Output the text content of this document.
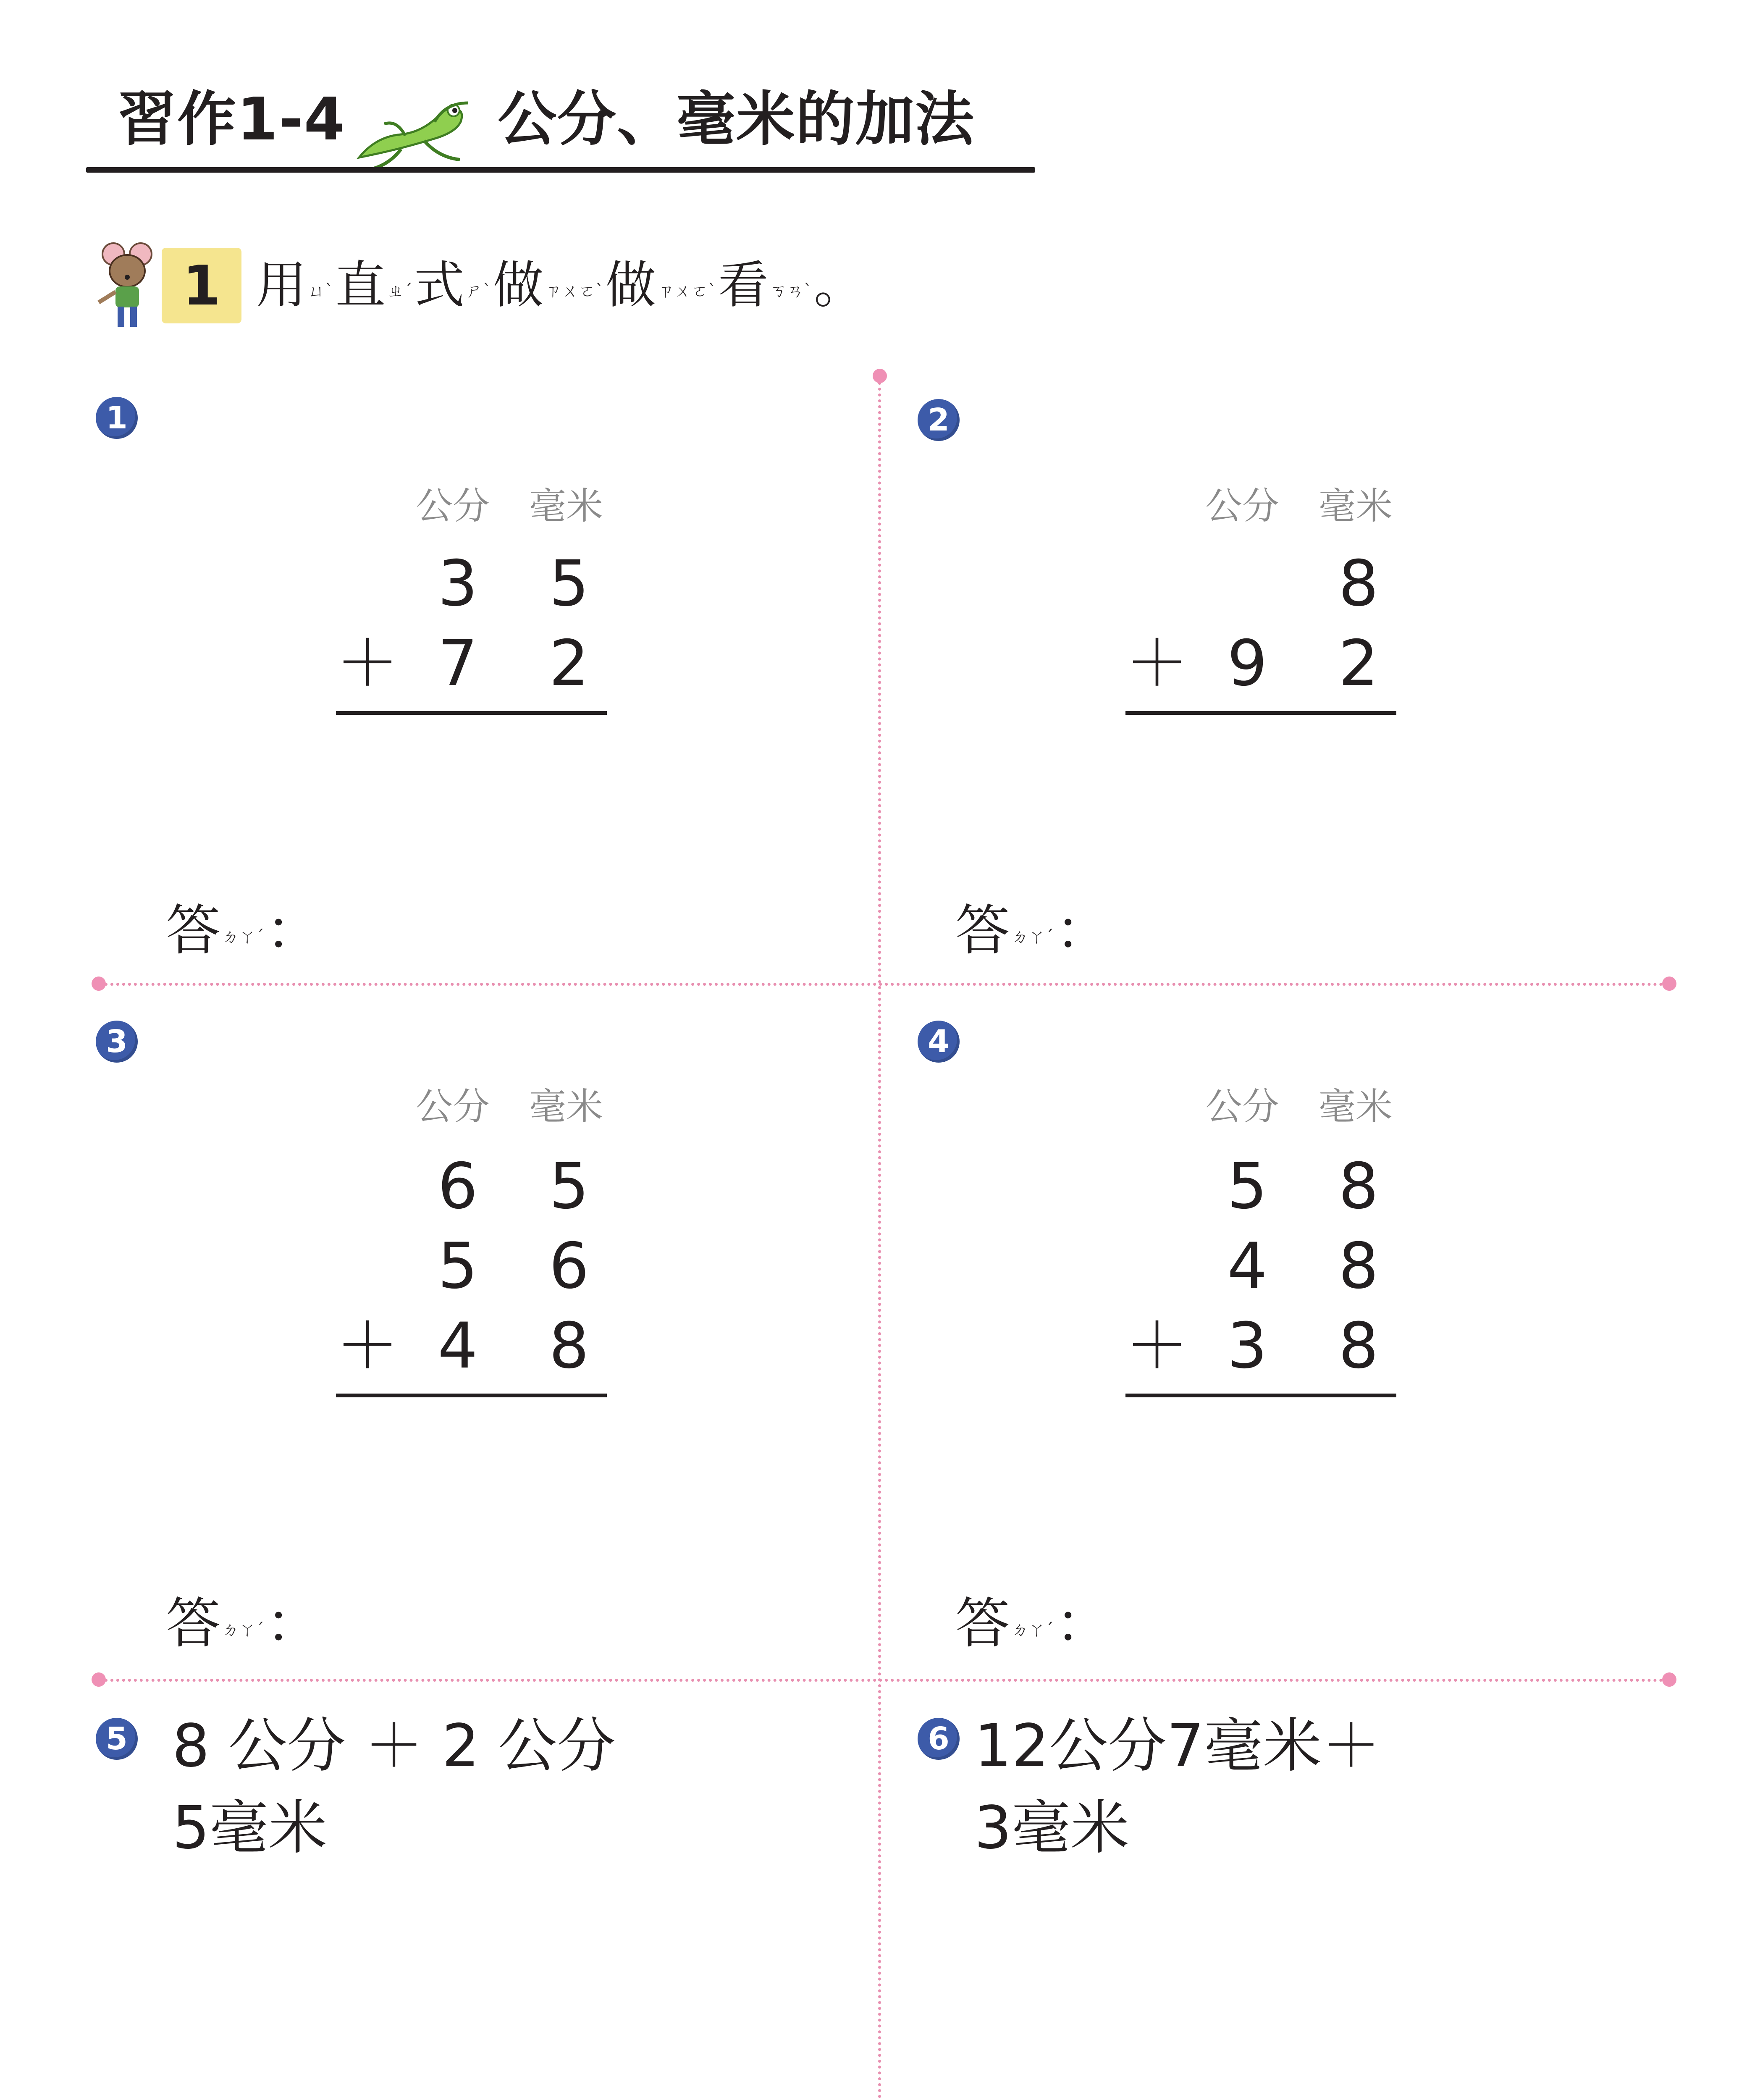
習作1-4	公分、毫米的加法
1 用ㄩˋ直 ㄓˊ式 ㄕˋ做 ㄗㄨㄛˋ做 ㄗㄨㄛˋ看 ㄎㄢˋ。
1
公分 毫米
3 5
＋ 7 2
答ㄉㄚˊ：
2
公分 毫米
8
＋ 9 2
答ㄉㄚˊ：
3
公分 毫米
6 5
5 6
＋ 4 8
答ㄉㄚˊ：
4
公分 毫米
5 8
4 8
＋ 3 8
答ㄉㄚˊ：
5 8 公分 ＋ 2 公分
5毫米
6 12公分7毫米＋
3毫米
